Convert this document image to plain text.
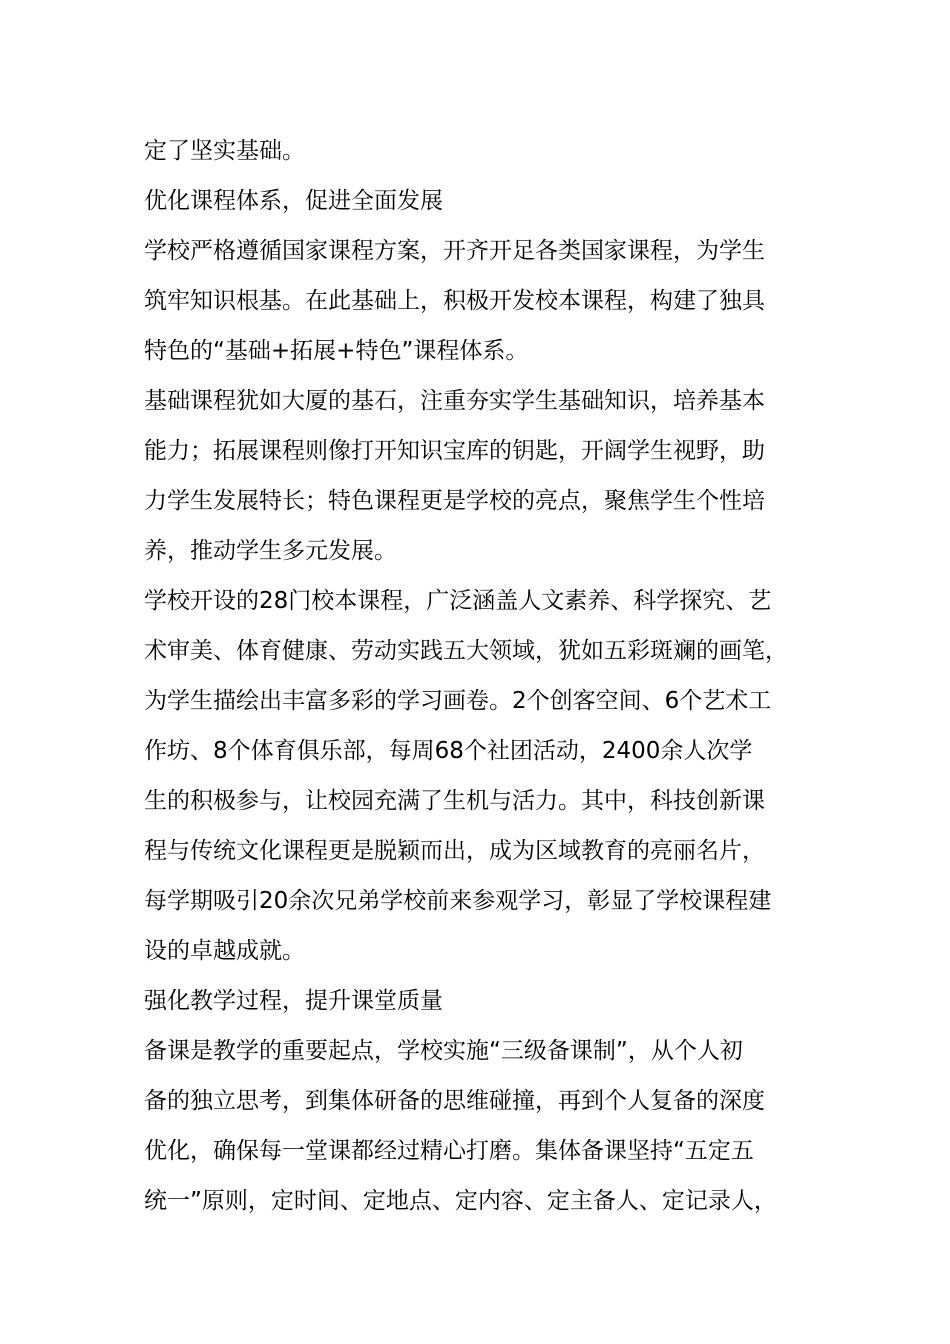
定了坚实基础。

优化课程体系，促进全面发展

学校严格遵循国家课程方案，开齐开足各类国家课程，为学生

筑牢知识根基。在此基础上，积极开发校本课程，构建了独具

特色的“基础+拓展+特色”课程体系。

基础课程犹如大厦的基石，注重夯实学生基础知识，培养基本

能力；拓展课程则像打开知识宝库的钥匙，开阔学生视野，助

力学生发展特长；特色课程更是学校的亮点，聚焦学生个性培

养，推动学生多元发展。

学校开设的28门校本课程，广泛涵盖人文素养、科学探究、艺

术审美、体育健康、劳动实践五大领域，犹如五彩斑斓的画笔，

为学生描绘出丰富多彩的学习画卷。2个创客空间、6个艺术工

作坊、8个体育俱乐部，每周68个社团活动，2400余人次学

生的积极参与，让校园充满了生机与活力。其中，科技创新课

程与传统文化课程更是脱颖而出，成为区域教育的亮丽名片，

每学期吸引20余次兄弟学校前来参观学习，彰显了学校课程建

设的卓越成就。

强化教学过程，提升课堂质量

备课是教学的重要起点，学校实施“三级备课制”，从个人初

备的独立思考，到集体研备的思维碰撞，再到个人复备的深度

优化，确保每一堂课都经过精心打磨。集体备课坚持“五定五

统一”原则，定时间、定地点、定内容、定主备人、定记录人，
